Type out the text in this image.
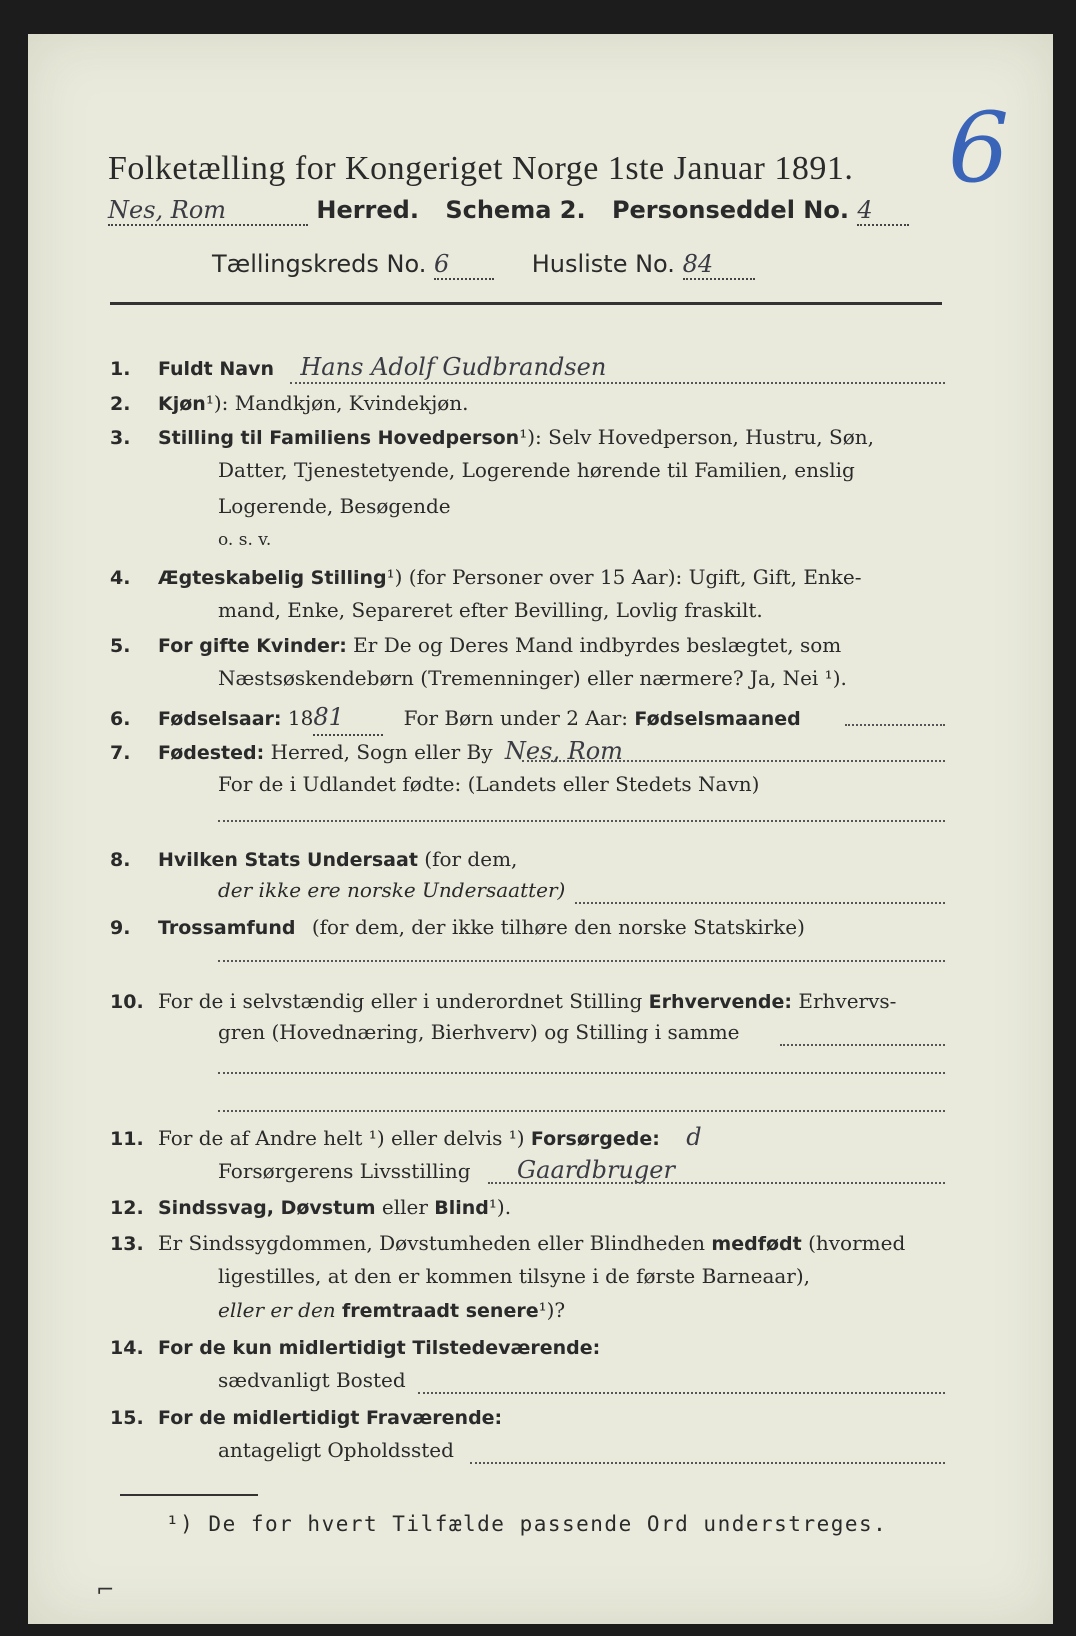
6
Folketælling for Kongeriget Norge 1ste Januar 1891.
Nes, Rom	Herred. Schema 2. Personseddel No. 4
Tællingskreds No. 6	Husliste No. 84
1. Fuldt Navn Hans Adolf Gudbrandsen
2. Kjøn¹): Mandkjøn, Kvindekjøn.
3. Stilling til Familiens Hovedperson¹): Selv Hovedperson, Hustru, Søn,
Datter, Tjenestetyende, Logerende hørende til Familien, enslig
Logerende, Besøgende
o. s. v.
4. Ægteskabelig Stilling¹) (for Personer over 15 Aar): Ugift, Gift, Enke-
mand, Enke, Separeret efter Bevilling, Lovlig fraskilt.
5. For gifte Kvinder: Er De og Deres Mand indbyrdes beslægtet, som
Næstsøskendebørn (Tremenninger) eller nærmere? Ja, Nei ¹).
6. Fødselsaar: 1881	For Børn under 2 Aar: Fødselsmaaned
7. Fødested: Herred, Sogn eller By Nes, Rom
For de i Udlandet fødte: (Landets eller Stedets Navn)
8. Hvilken Stats Undersaat (for dem,
der ikke ere norske Undersaatter)
9. Trossamfund (for dem, der ikke tilhøre den norske Statskirke)
10. For de i selvstændig eller i underordnet Stilling Erhvervende: Erhvervs-
gren (Hovednæring, Bierhverv) og Stilling i samme
11. For de af Andre helt ¹) eller delvis ¹) Forsørgede: d
Forsørgerens Livsstilling Gaardbruger
12. Sindssvag, Døvstum eller Blind¹).
13. Er Sindssygdommen, Døvstumheden eller Blindheden medfødt (hvormed
ligestilles, at den er kommen tilsyne i de første Barneaar),
eller er den fremtraadt senere¹)?
14. For de kun midlertidigt Tilstedeværende:
sædvanligt Bosted
15. For de midlertidigt Fraværende:
antageligt Opholdssted
¹) De for hvert Tilfælde passende Ord understreges.
⌐
